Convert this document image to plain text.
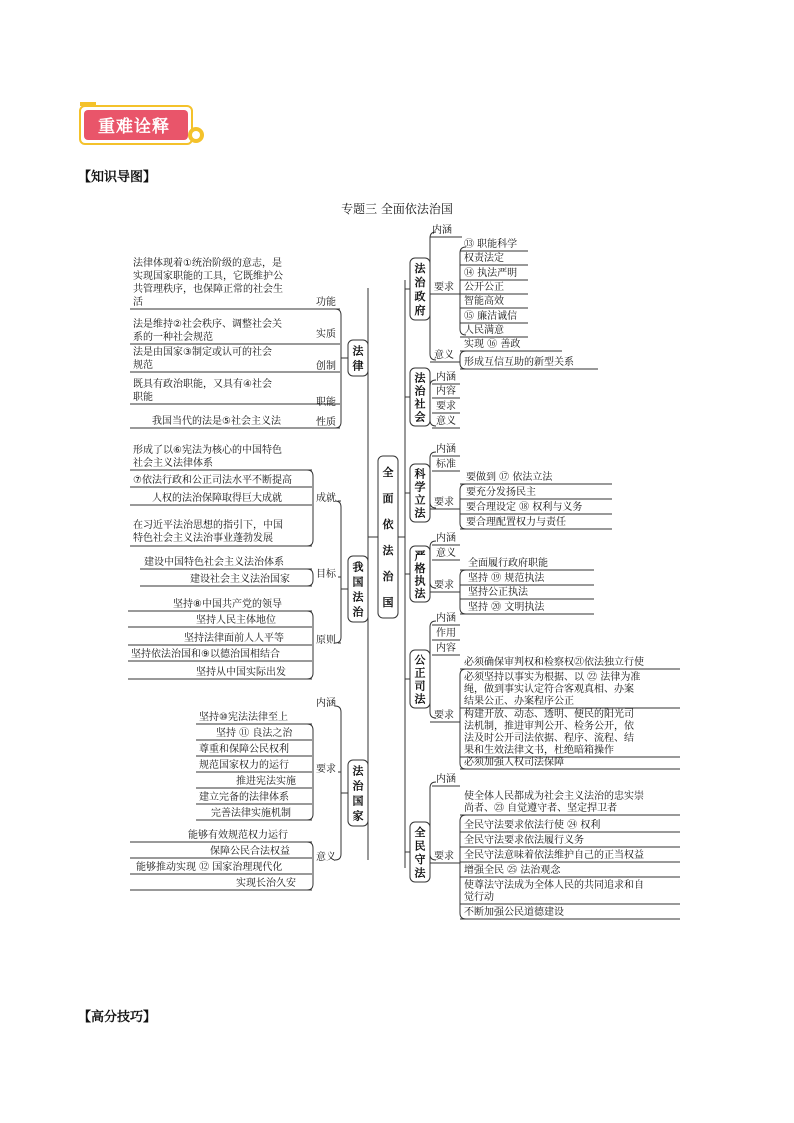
重难诠释
【知识导图】
【高分技巧】
专题三 全面依法治国
全
面
依
法
治
国
法律体现着①统治阶级的意志，是
实现国家职能的工具，它既维护公
共管理秩序，也保障正常的社会生
活	功能
法是维持②社会秩序、调整社会关
系的一种社会规范	实质
法是由国家③制定或认可的社会
规范	创制
既具有政治职能，又具有④社会
职能	职能
我国当代的法是⑤社会主义法	性质
法
律
形成了以⑥宪法为核心的中国特色
社会主义法律体系
⑦依法行政和公正司法水平不断提高
人权的法治保障取得巨大成就
在习近平法治思想的指引下，中国
特色社会主义法治事业蓬勃发展
成就
建设中国特色社会主义法治体系
建设社会主义法治国家	目标
坚持⑧中国共产党的领导
坚持人民主体地位
坚持法律面前人人平等
坚持依法治国和⑨以德治国相结合
坚持从中国实际出发
原则
我
国
法
治
内涵
坚持⑩宪法法律至上
坚持 ⑪ 良法之治
尊重和保障公民权利
规范国家权力的运行
推进宪法实施
建立完备的法律体系
完善法律实施机制
要求
能够有效规范权力运行
保障公民合法权益
能够推动实现 ⑫ 国家治理现代化
实现长治久安
意义
法
治
国
家
法
治
政
府
内涵
要求
⑬ 职能科学
权责法定
⑭ 执法严明
公开公正
智能高效
⑮ 廉洁诚信
人民满意
意义
实现 ⑯ 善政
形成互信互助的新型关系
法
治
社
会
内涵
内容
要求
意义
科
学
立
法
内涵
标准
要求
要做到 ⑰ 依法立法
要充分发扬民主
要合理设定 ⑱ 权利与义务
要合理配置权力与责任
严
格
执
法
内涵
意义
要求
全面履行政府职能
坚持 ⑲ 规范执法
坚持公正执法
坚持 ⑳ 文明执法
公
正
司
法
内涵
作用
内容
要求
必须确保审判权和检察权㉑依法独立行使
必须坚持以事实为根据、以 ㉒ 法律为准
绳，做到事实认定符合客观真相、办案
结果公正、办案程序公正
构建开放、动态、透明、便民的阳光司
法机制，推进审判公开、检务公开，依
法及时公开司法依据、程序、流程、结
果和生效法律文书，杜绝暗箱操作
必须加强人权司法保障
全
民
守
法
内涵
要求
使全体人民都成为社会主义法治的忠实崇
尚者、㉓ 自觉遵守者、坚定捍卫者
全民守法要求依法行使 ㉔ 权利
全民守法要求依法履行义务
全民守法意味着依法维护自己的正当权益
增强全民 ㉕ 法治观念
使尊法守法成为全体人民的共同追求和自
觉行动
不断加强公民道德建设
